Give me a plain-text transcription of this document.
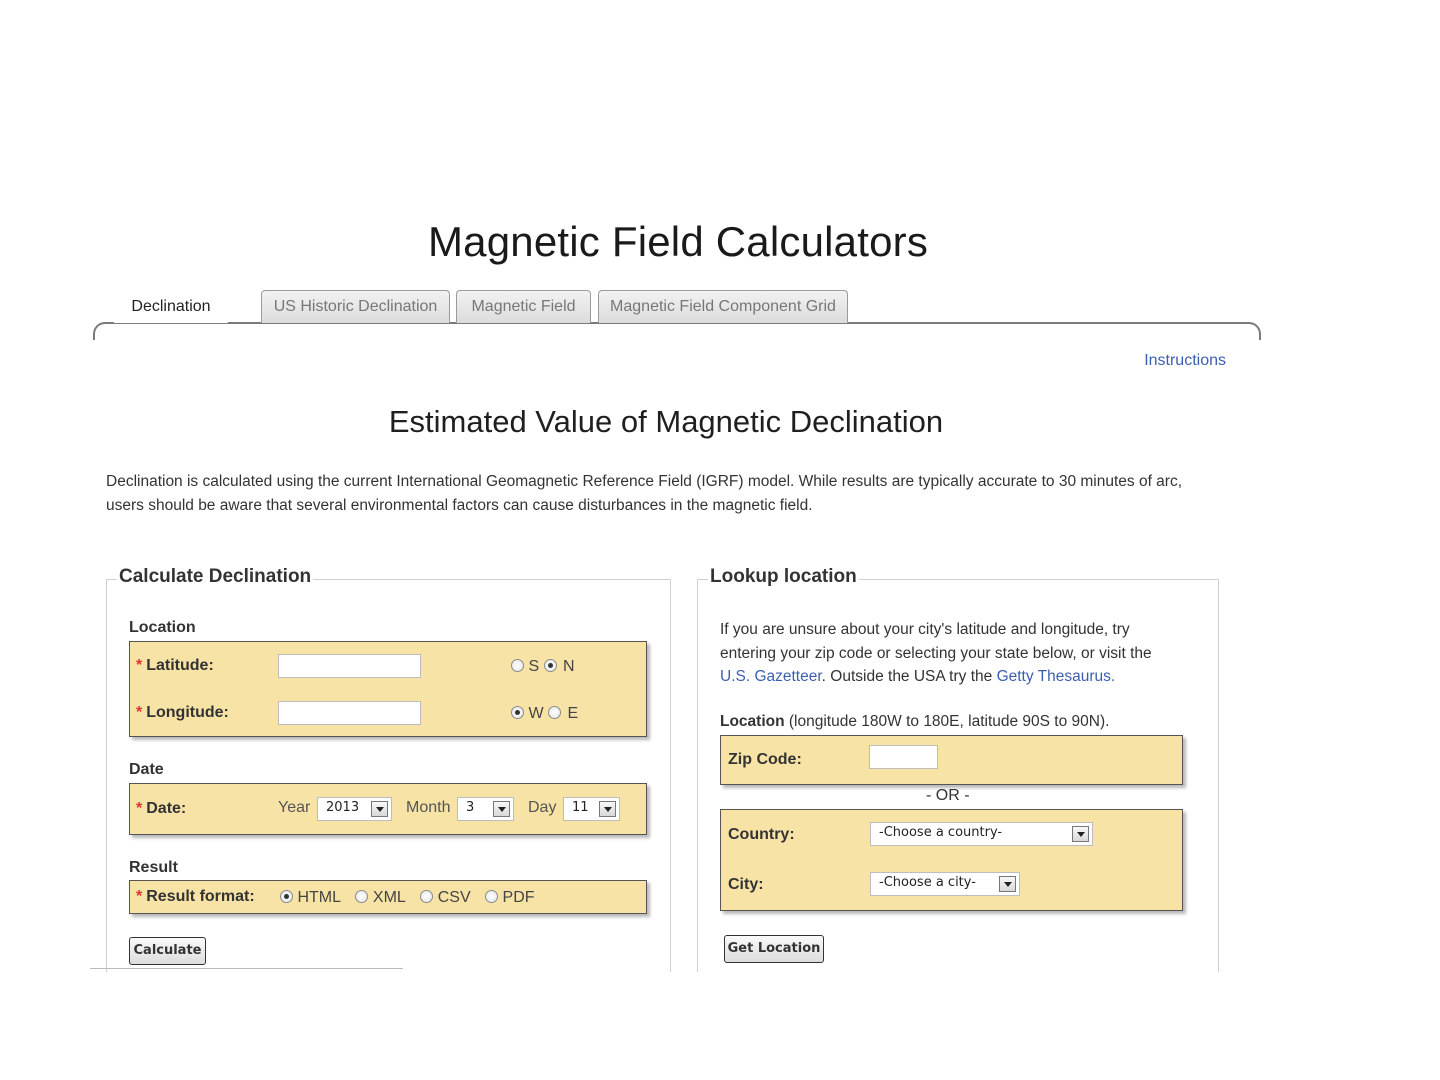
Magnetic Field Calculators
Declination	US Historic Declination	Magnetic Field	Magnetic Field Component Grid
Instructions
Estimated Value of Magnetic Declination
Declination is calculated using the current International Geomagnetic Reference Field (IGRF) model. While results are typically accurate to 30 minutes of arc,
users should be aware that several environmental factors can cause disturbances in the magnetic field.
Calculate Declination
Location
* Latitude:	S N
* Longitude:	W E
Date
* Date:	Year 2013	Month 3	Day 11
Result
* Result format:	HTML XML CSV PDF
Calculate
Lookup location
If you are unsure about your city's latitude and longitude, try
entering your zip code or selecting your state below, or visit the
U.S. Gazetteer. Outside the USA try the Getty Thesaurus.
Location (longitude 180W to 180E, latitude 90S to 90N).
Zip Code:
- OR -
Country:	-Choose a country-
City:	-Choose a city-
Get Location
